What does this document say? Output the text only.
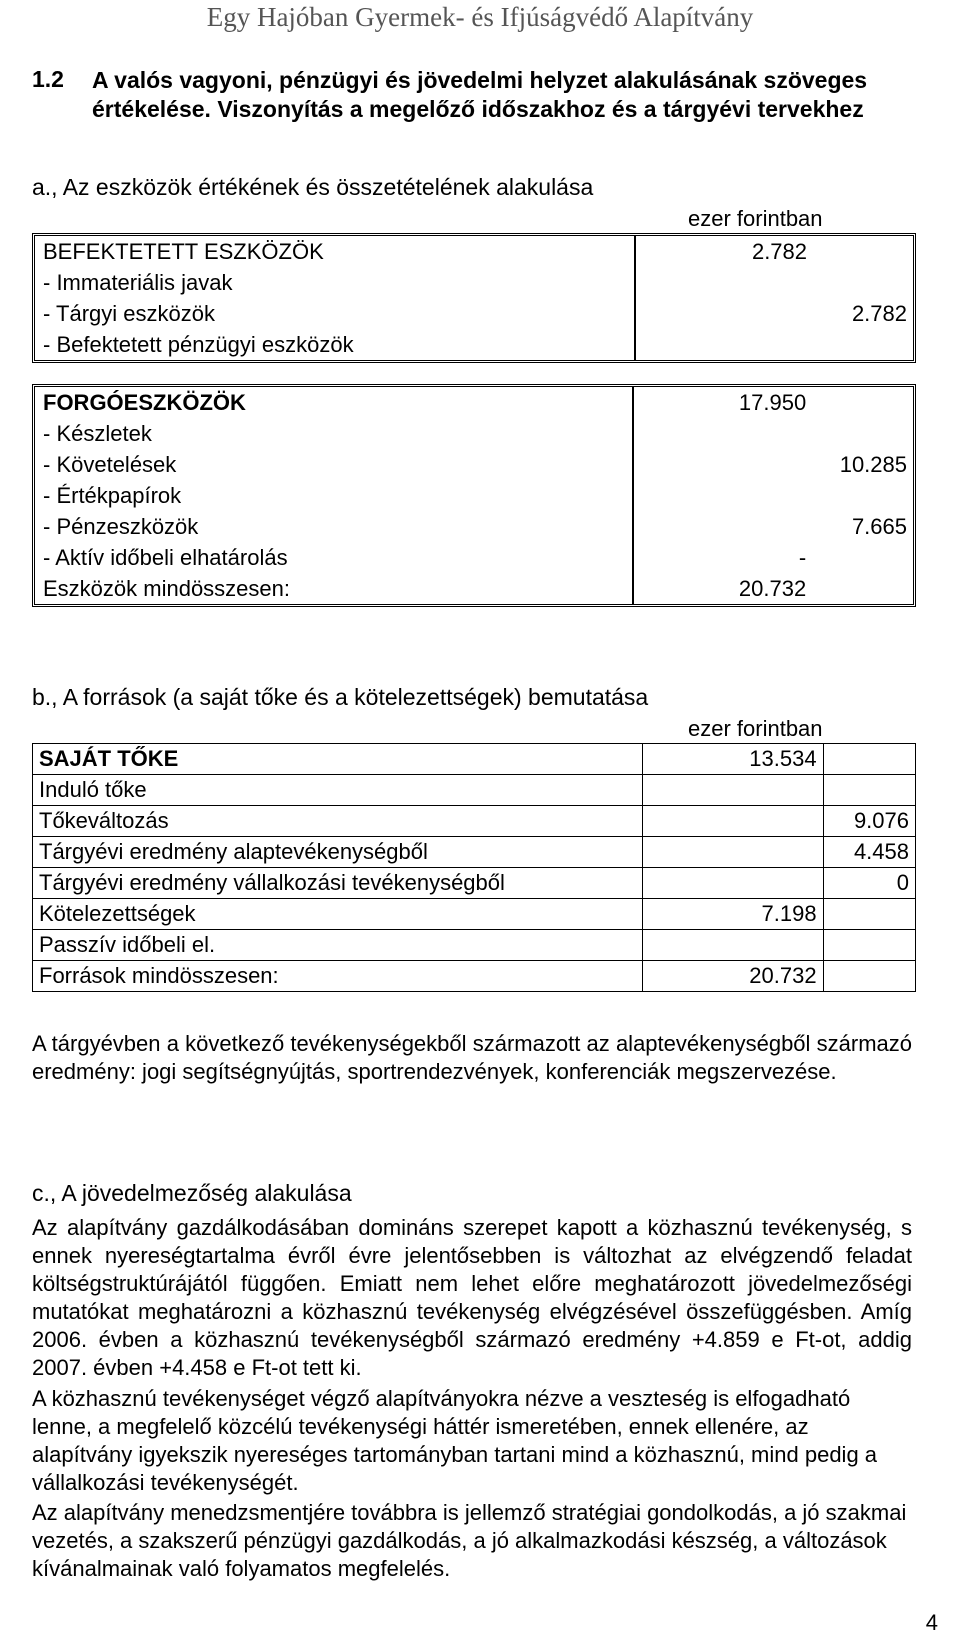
Egy Hajóban Gyermek- és Ifjúságvédő Alapítvány
1.2 A valós vagyoni, pénzügyi és jövedelmi helyzet alakulásának szöveges értékelése. Viszonyítás a megelőző időszakhoz és a tárgyévi tervekhez
a., Az eszközök értékének és összetételének alakulása
ezer forintban
BEFEKTETETT ESZKÖZÖK	2.782	
- Immateriális javak		
- Tárgyi eszközök		2.782
- Befektetett pénzügyi eszközök		
FORGÓESZKÖZÖK	17.950	
- Készletek		
- Követelések		10.285
- Értékpapírok		
- Pénzeszközök		7.665
- Aktív időbeli elhatárolás	-	
Eszközök mindösszesen:	20.732	
b., A források (a saját tőke és a kötelezettségek) bemutatása
ezer forintban
SAJÁT TŐKE	13.534	
Induló tőke		
Tőkeváltozás		9.076
Tárgyévi eredmény alaptevékenységből		4.458
Tárgyévi eredmény vállalkozási tevékenységből		0
Kötelezettségek	7.198	
Passzív időbeli el.		
Források mindösszesen:	20.732	
A tárgyévben a következő tevékenységekből származott az alaptevékenységből származó eredmény: jogi segítségnyújtás, sportrendezvények, konferenciák megszervezése.
c., A jövedelmezőség alakulása
Az alapítvány gazdálkodásában domináns szerepet kapott a közhasznú tevékenység, s ennek nyereségtartalma évről évre jelentősebben is változhat az elvégzendő feladat költségstruktúrájától függően. Emiatt nem lehet előre meghatározott jövedelmezőségi mutatókat meghatározni a közhasznú tevékenység elvégzésével összefüggésben. Amíg 2006. évben a közhasznú tevékenységből származó eredmény +4.859 e Ft-ot, addig 2007. évben +4.458 e Ft-ot tett ki.
A közhasznú tevékenységet végző alapítványokra nézve a veszteség is elfogadható lenne, a megfelelő közcélú tevékenységi háttér ismeretében, ennek ellenére, az alapítvány igyekszik nyereséges tartományban tartani mind a közhasznú, mind pedig a vállalkozási tevékenységét.
Az alapítvány menedzsmentjére továbbra is jellemző stratégiai gondolkodás, a jó szakmai vezetés, a szakszerű pénzügyi gazdálkodás, a jó alkalmazkodási készség, a változások kívánalmainak való folyamatos megfelelés.
4
